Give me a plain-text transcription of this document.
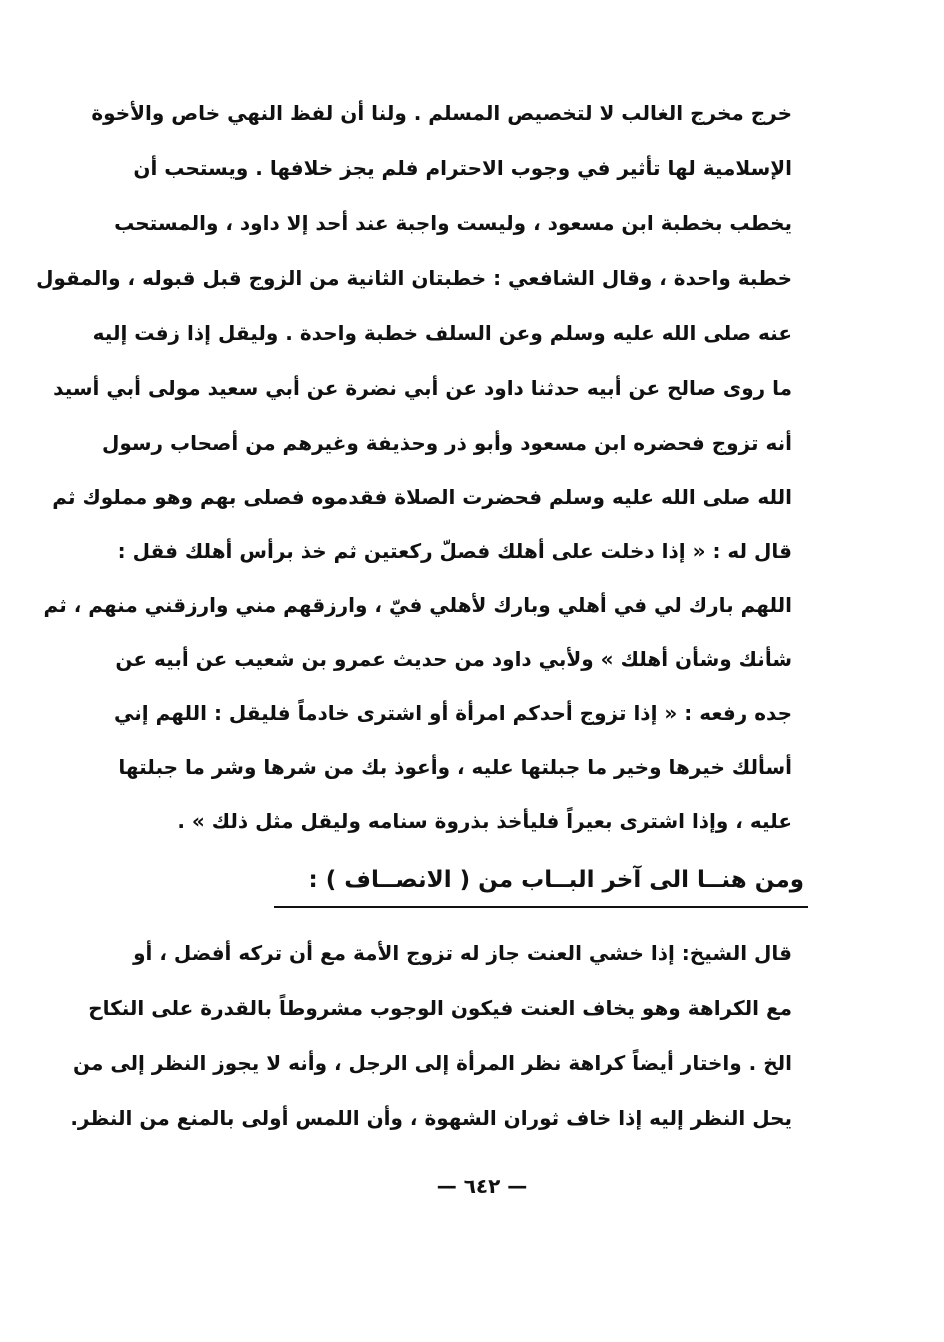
خرج مخرج الغالب لا لتخصيص المسلم . ولنا أن لفظ النهي خاص والأخوة
الإسلامية لها تأثير في وجوب الاحترام فلم يجز خلافها . ويستحب أن
يخطب بخطبة ابن مسعود ، وليست واجبة عند أحد إلا داود ، والمستحب
خطبة واحدة ، وقال الشافعي : خطبتان الثانية من الزوج قبل قبوله ، والمقول
عنه صلى الله عليه وسلم وعن السلف خطبة واحدة . وليقل إذا زفت إليه
ما روى صالح عن أبيه حدثنا داود عن أبي نضرة عن أبي سعيد مولى أبي أسيد
أنه تزوج فحضره ابن مسعود وأبو ذر وحذيفة وغيرهم من أصحاب رسول
الله صلى الله عليه وسلم فحضرت الصلاة فقدموه فصلى بهم وهو مملوك ثم
قال له : « إذا دخلت على أهلك فصلّ ركعتين ثم خذ برأس أهلك فقل :
اللهم بارك لي في أهلي وبارك لأهلي فيّ ، وارزقهم مني وارزقني منهم ، ثم
شأنك وشأن أهلك » ولأبي داود من حديث عمرو بن شعيب عن أبيه عن
جده رفعه : « إذا تزوج أحدكم امرأة أو اشترى خادماً فليقل : اللهم إني
أسألك خيرها وخير ما جبلتها عليه ، وأعوذ بك من شرها وشر ما جبلتها
عليه ، وإذا اشترى بعيراً فليأخذ بذروة سنامه وليقل مثل ذلك » .
ومن هنــا الى آخر البــاب من ( الانصــاف ) :
قال الشيخ: إذا خشي العنت جاز له تزوج الأمة مع أن تركه أفضل ، أو
مع الكراهة وهو يخاف العنت فيكون الوجوب مشروطاً بالقدرة على النكاح
الخ . واختار أيضاً كراهة نظر المرأة إلى الرجل ، وأنه لا يجوز النظر إلى من
يحل النظر إليه إذا خاف ثوران الشهوة ، وأن اللمس أولى بالمنع من النظر.
— ٦٤٢ —
